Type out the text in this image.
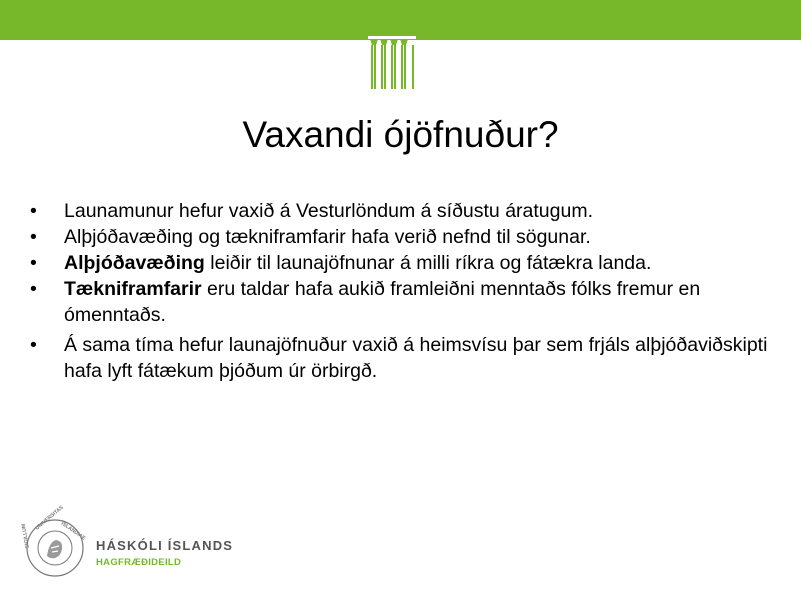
Vaxandi ójöfnuður?
• Launamunur hefur vaxið á Vesturlöndum á síðustu áratugum.
• Alþjóðavæðing og tækniframfarir hafa verið nefnd til sögunar.
• Alþjóðavæðing leiðir til launajöfnunar á milli ríkra og fátækra landa.
• Tækniframfarir eru taldar hafa aukið framleiðni menntaðs fólks fremur en ómenntaðs.
• Á sama tíma hefur launajöfnuður vaxið á heimsvísu þar sem frjáls alþjóðaviðskipti hafa lyft fátækum þjóðum úr örbirgð.
UNIVERSITAS
ISLANDIAE
SIGILLUM	HÁSKÓLI ÍSLANDS
HAGFRÆÐIDEILD
